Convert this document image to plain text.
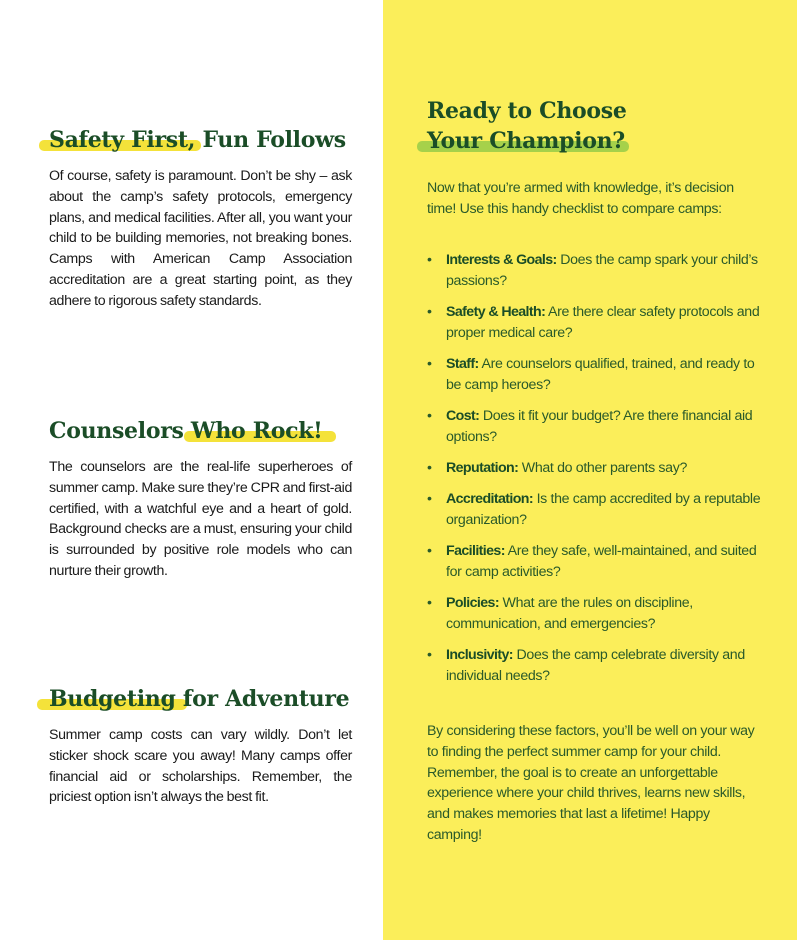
Safety First, Fun Follows

Of course, safety is paramount. Don’t be shy – ask about the camp’s safety protocols, emergency plans, and medical facilities. After all, you want your child to be building memories, not breaking bones. Camps with American Camp Association accreditation are a great starting point, as they adhere to rigorous safety standards.

Counselors Who Rock!

The counselors are the real-life superheroes of summer camp. Make sure they’re CPR and first-aid certified, with a watchful eye and a heart of gold. Background checks are a must, ensuring your child is surrounded by positive role models who can nurture their growth.

Budgeting for Adventure

Summer camp costs can vary wildly. Don’t let sticker shock scare you away! Many camps offer financial aid or scholarships. Remember, the priciest option isn’t always the best fit.

Ready to Choose
Your Champion?

Now that you’re armed with knowledge, it’s decision time! Use this handy checklist to compare camps:

• Interests & Goals: Does the camp spark your child’s passions?
• Safety & Health: Are there clear safety protocols and proper medical care?
• Staff: Are counselors qualified, trained, and ready to be camp heroes?
• Cost: Does it fit your budget? Are there financial aid options?
• Reputation: What do other parents say?
• Accreditation: Is the camp accredited by a reputable organization?
• Facilities: Are they safe, well-maintained, and suited for camp activities?
• Policies: What are the rules on discipline, communication, and emergencies?
• Inclusivity: Does the camp celebrate diversity and individual needs?

By considering these factors, you’ll be well on your way to finding the perfect summer camp for your child. Remember, the goal is to create an unforgettable experience where your child thrives, learns new skills, and makes memories that last a lifetime! Happy camping!
